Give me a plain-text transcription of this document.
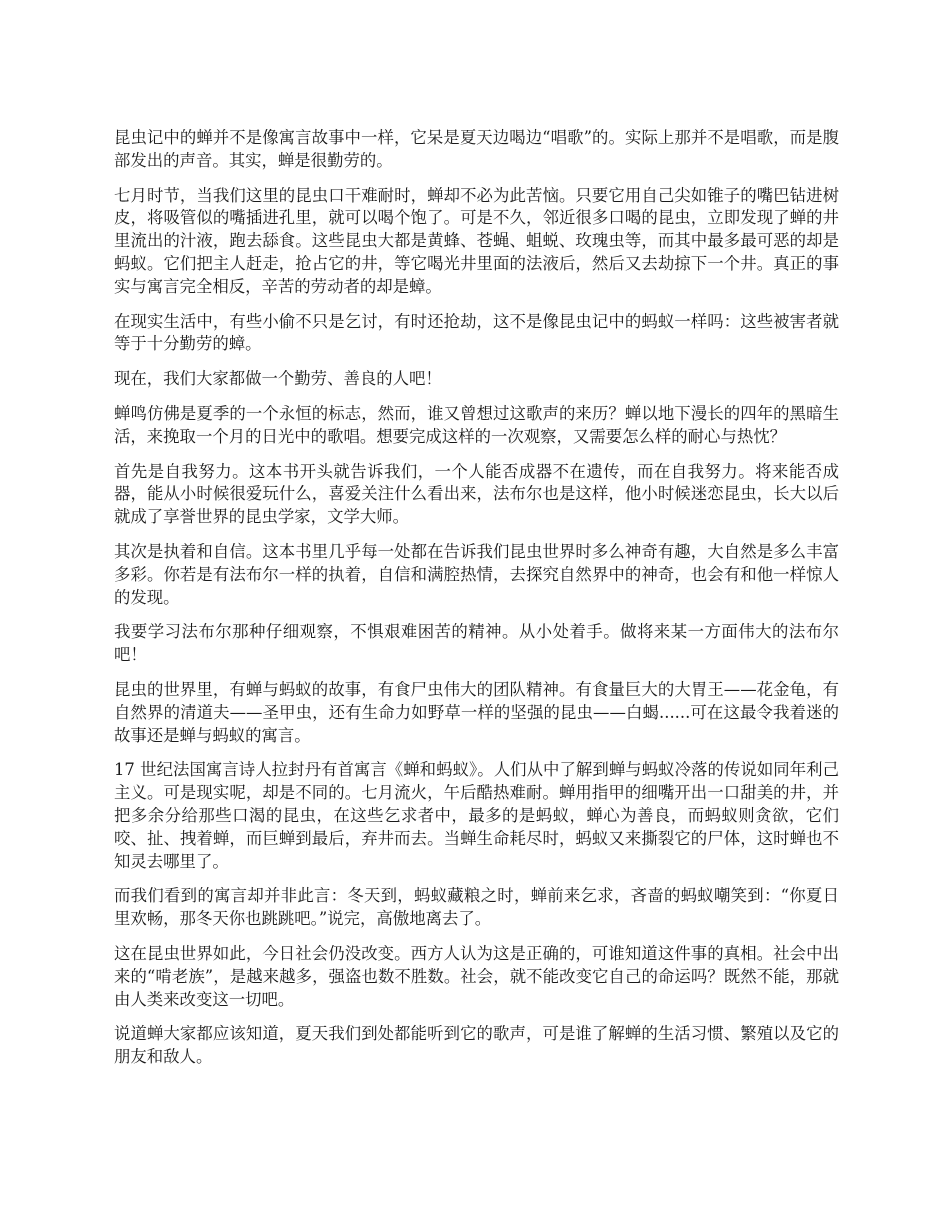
昆虫记中的蝉并不是像寓言故事中一样，它呆是夏天边喝边“唱歌”的。实际上那并不是唱歌，而是腹部发出的声音。其实，蝉是很勤劳的。

七月时节，当我们这里的昆虫口干难耐时，蝉却不必为此苦恼。只要它用自己尖如锥子的嘴巴钻进树皮，将吸管似的嘴插进孔里，就可以喝个饱了。可是不久，邻近很多口喝的昆虫，立即发现了蝉的井里流出的汁液，跑去舔食。这些昆虫大都是黄蜂、苍蝇、蛆蜕、玫瑰虫等，而其中最多最可恶的却是蚂蚁。它们把主人赶走，抢占它的井，等它喝光井里面的法液后，然后又去劫掠下一个井。真正的事实与寓言完全相反，辛苦的劳动者的却是蟑。

在现实生活中，有些小偷不只是乞讨，有时还抢劫，这不是像昆虫记中的蚂蚁一样吗：这些被害者就等于十分勤劳的蟑。

现在，我们大家都做一个勤劳、善良的人吧！

蝉鸣仿佛是夏季的一个永恒的标志，然而，谁又曾想过这歌声的来历？蝉以地下漫长的四年的黑暗生活，来挽取一个月的日光中的歌唱。想要完成这样的一次观察，又需要怎么样的耐心与热忱？

首先是自我努力。这本书开头就告诉我们，一个人能否成器不在遗传，而在自我努力。将来能否成器，能从小时候很爱玩什么，喜爱关注什么看出来，法布尔也是这样，他小时候迷恋昆虫，长大以后就成了享誉世界的昆虫学家，文学大师。

其次是执着和自信。这本书里几乎每一处都在告诉我们昆虫世界时多么神奇有趣，大自然是多么丰富多彩。你若是有法布尔一样的执着，自信和满腔热情，去探究自然界中的神奇，也会有和他一样惊人的发现。

我要学习法布尔那种仔细观察，不惧艰难困苦的精神。从小处着手。做将来某一方面伟大的法布尔吧！

昆虫的世界里，有蝉与蚂蚁的故事，有食尸虫伟大的团队精神。有食量巨大的大胃王——花金龟，有自然界的清道夫——圣甲虫，还有生命力如野草一样的坚强的昆虫——白蝎......可在这最令我着迷的故事还是蝉与蚂蚁的寓言。

17 世纪法国寓言诗人拉封丹有首寓言《蝉和蚂蚁》。人们从中了解到蝉与蚂蚁冷落的传说如同年利己主义。可是现实呢，却是不同的。七月流火，午后酷热难耐。蝉用指甲的细嘴开出一口甜美的井，并把多余分给那些口渴的昆虫，在这些乞求者中，最多的是蚂蚁，蝉心为善良，而蚂蚁则贪欲，它们咬、扯、拽着蝉，而巨蝉到最后，弃井而去。当蝉生命耗尽时，蚂蚁又来撕裂它的尸体，这时蝉也不知灵去哪里了。

而我们看到的寓言却并非此言：冬天到，蚂蚁藏粮之时，蝉前来乞求，吝啬的蚂蚁嘲笑到：“你夏日里欢畅，那冬天你也跳跳吧。”说完，高傲地离去了。

这在昆虫世界如此，今日社会仍没改变。西方人认为这是正确的，可谁知道这件事的真相。社会中出来的“啃老族”，是越来越多，强盗也数不胜数。社会，就不能改变它自己的命运吗？既然不能，那就由人类来改变这一切吧。

说道蝉大家都应该知道，夏天我们到处都能听到它的歌声，可是谁了解蝉的生活习惯、繁殖以及它的朋友和敌人。
